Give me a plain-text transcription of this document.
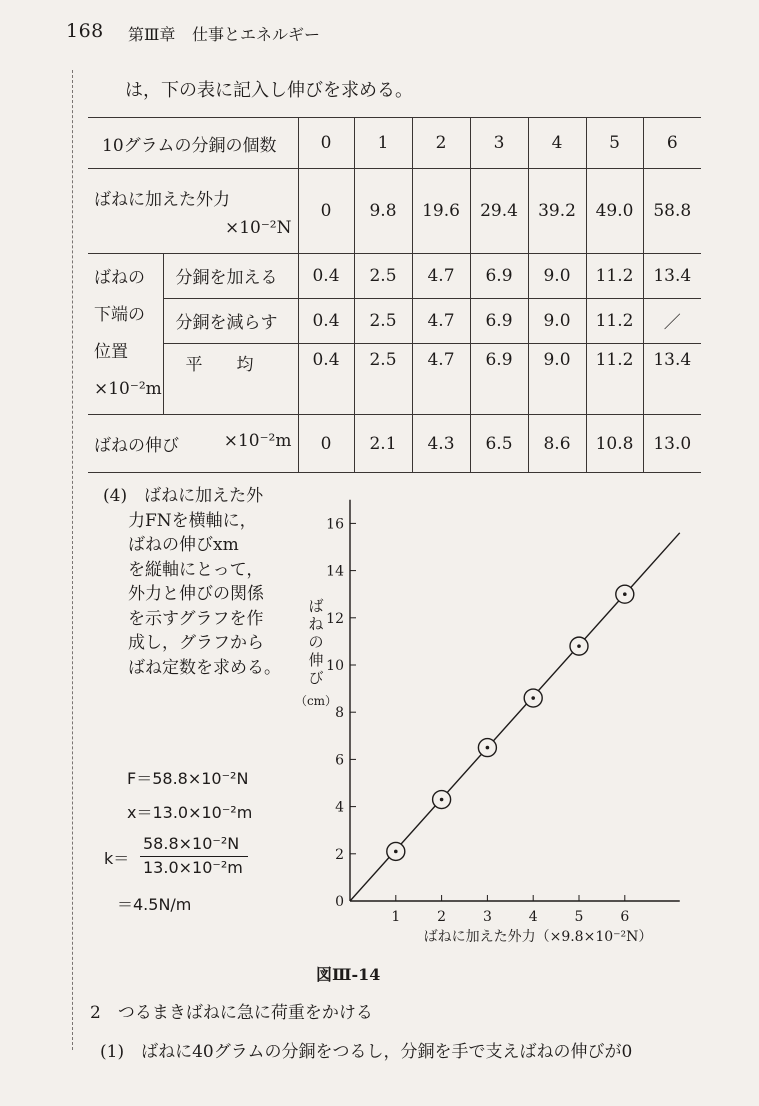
168 第Ⅲ章 仕事とエネルギー
は，下の表に記入し伸びを求める。
10グラムの分銅の個数		0	1	2	3	4	5	6

ばねに加えた外力
×10⁻²N		0	9.8	19.6	29.4	39.2	49.0	58.8

ばねの
下端の
位置
×10⁻²m	分銅を加える	0.4	2.5	4.7	6.9	9.0	11.2	13.4
	分銅を減らす	0.4	2.5	4.7	6.9	9.0	11.2	／
	平　　均	0.4	2.5	4.7	6.9	9.0	11.2	13.4
ばねの伸び ×10⁻²m		0	2.1	4.3	6.5	8.6	10.8	13.0
(4)　ばねに加えた外
力FNを横軸に，
ばねの伸びxm
を縦軸にとって，
外力と伸びの関係
を示すグラフを作
成し，グラフから
ばね定数を求める。
F＝58.8×10⁻²N
x＝13.0×10⁻²m
k＝
58.8×10⁻²N
13.0×10⁻²m
＝4.5N/m	0
2
4
6
8
10
12
14
16
1	2	3	4	5	6
ば
ね
の
伸
び
（cm）
ばねに加えた外力（×9.8×10⁻²N）
図Ⅲ-14
2　つるまきばねに急に荷重をかける
(1)　ばねに40グラムの分銅をつるし，分銅を手で支えばねの伸びが0
